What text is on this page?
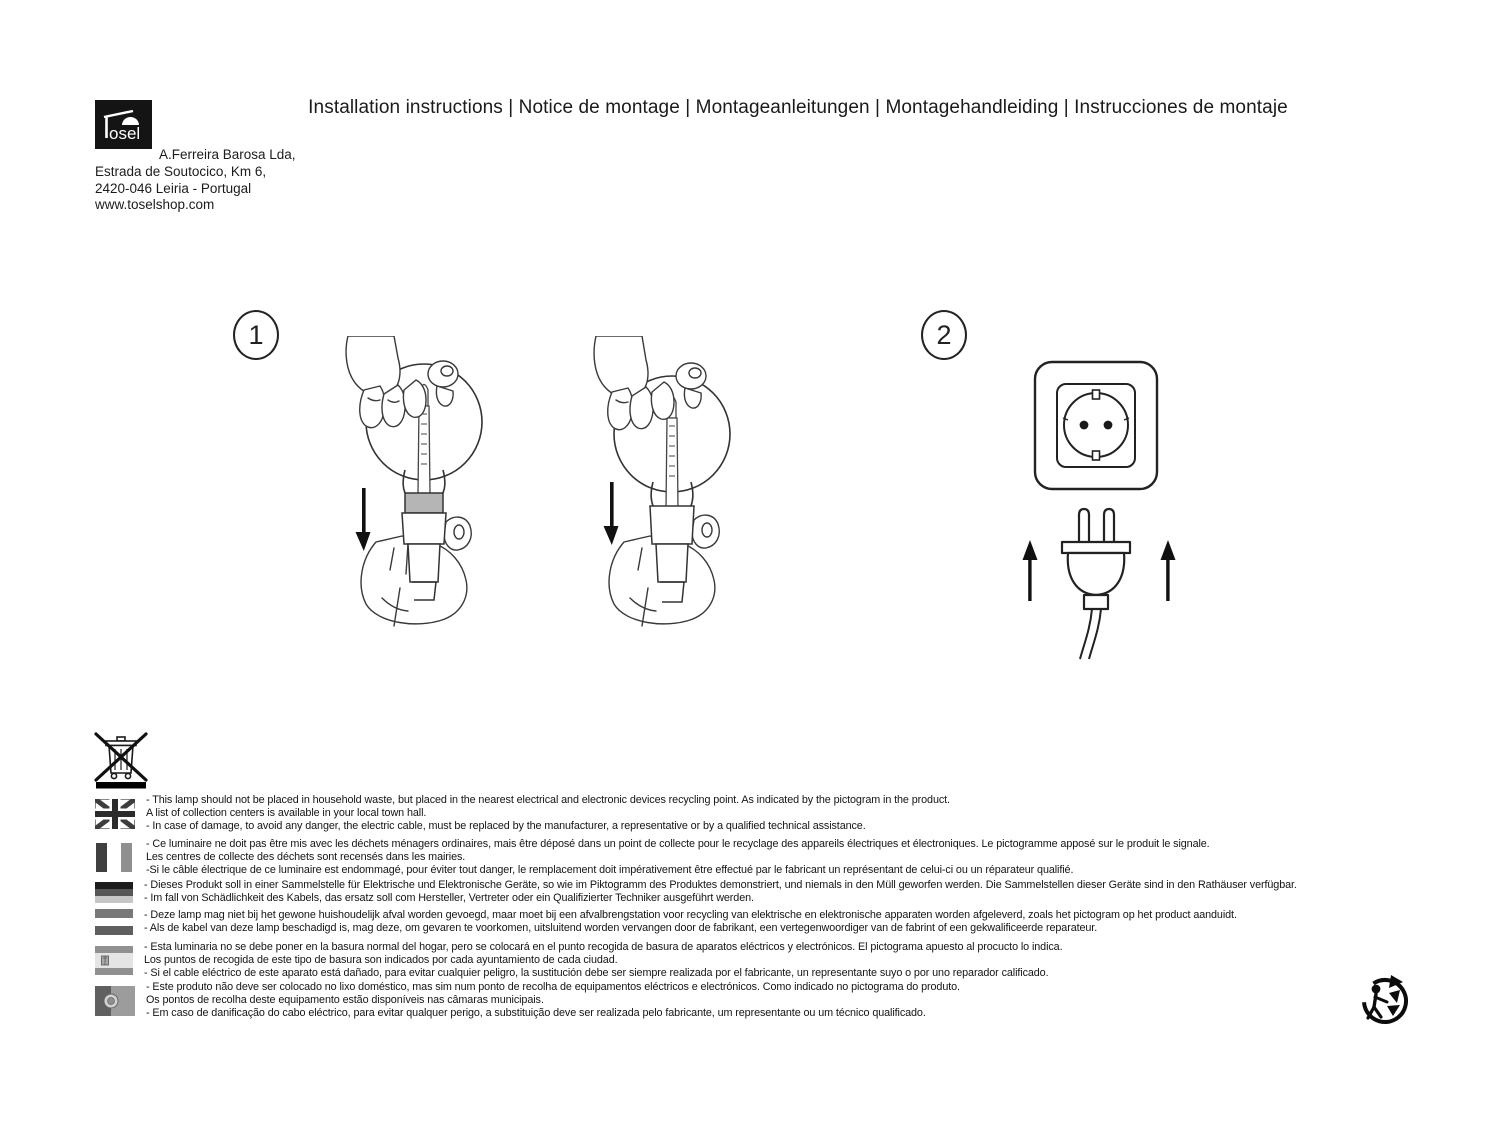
osel
Installation instructions | Notice de montage | Montageanleitungen | Montagehandleiding | Instrucciones de montaje
A.Ferreira Barosa Lda,
Estrada de Soutocico, Km 6,
2420-046 Leiria - Portugal
www.toselshop.com
1	2
- This lamp should not be placed in household waste, but placed in the nearest electrical and electronic devices recycling point. As indicated by the pictogram in the product.
A list of collection centers is available in your local town hall.
- In case of damage, to avoid any danger, the electric cable, must be replaced by the manufacturer, a representative or by a qualified technical assistance.
- Ce luminaire ne doit pas être mis avec les déchets ménagers ordinaires, mais être déposé dans un point de collecte pour le recyclage des appareils électriques et électroniques. Le pictogramme apposé sur le produit le signale.
Les centres de collecte des déchets sont recensés dans les mairies.
-Si le câble électrique de ce luminaire est endommagé, pour éviter tout danger, le remplacement doit impérativement être effectué par le fabricant un représentant de celui-ci ou un réparateur qualifié.
- Dieses Produkt soll in einer Sammelstelle für Elektrische und Elektronische Geräte, so wie im Piktogramm des Produktes demonstriert, und niemals in den Müll geworfen werden. Die Sammelstellen dieser Geräte sind in den Rathäuser verfügbar.
- Im fall von Schädlichkeit des Kabels, das ersatz soll com Hersteller, Vertreter oder ein Qualifizierter Techniker ausgeführt werden.
- Deze lamp mag niet bij het gewone huishoudelijk afval worden gevoegd, maar moet bij een afvalbrengstation voor recycling van elektrische en elektronische apparaten worden afgeleverd, zoals het pictogram op het product aanduidt.
- Als de kabel van deze lamp beschadigd is, mag deze, om gevaren te voorkomen, uitsluitend worden vervangen door de fabrikant, een vertegenwoordiger van de fabrint of een gekwalificeerde reparateur.
- Esta luminaria no se debe poner en la basura normal del hogar, pero se colocará en el punto recogida de basura de aparatos eléctricos y electrónicos. El pictograma apuesto al procucto lo indica.
Los puntos de recogida de este tipo de basura son indicados por cada ayuntamiento de cada ciudad.
- Si el cable eléctrico de este aparato está dañado, para evitar cualquier peligro, la sustitución debe ser siempre realizada por el fabricante, un representante suyo o por uno reparador calificado.
- Este produto não deve ser colocado no lixo doméstico, mas sim num ponto de recolha de equipamentos eléctricos e electrónicos. Como indicado no pictograma do produto.
Os pontos de recolha deste equipamento estão disponíveis nas câmaras municipais.
- Em caso de danificação do cabo eléctrico, para evitar qualquer perigo, a substituição deve ser realizada pelo fabricante, um representante ou um técnico qualificado.
